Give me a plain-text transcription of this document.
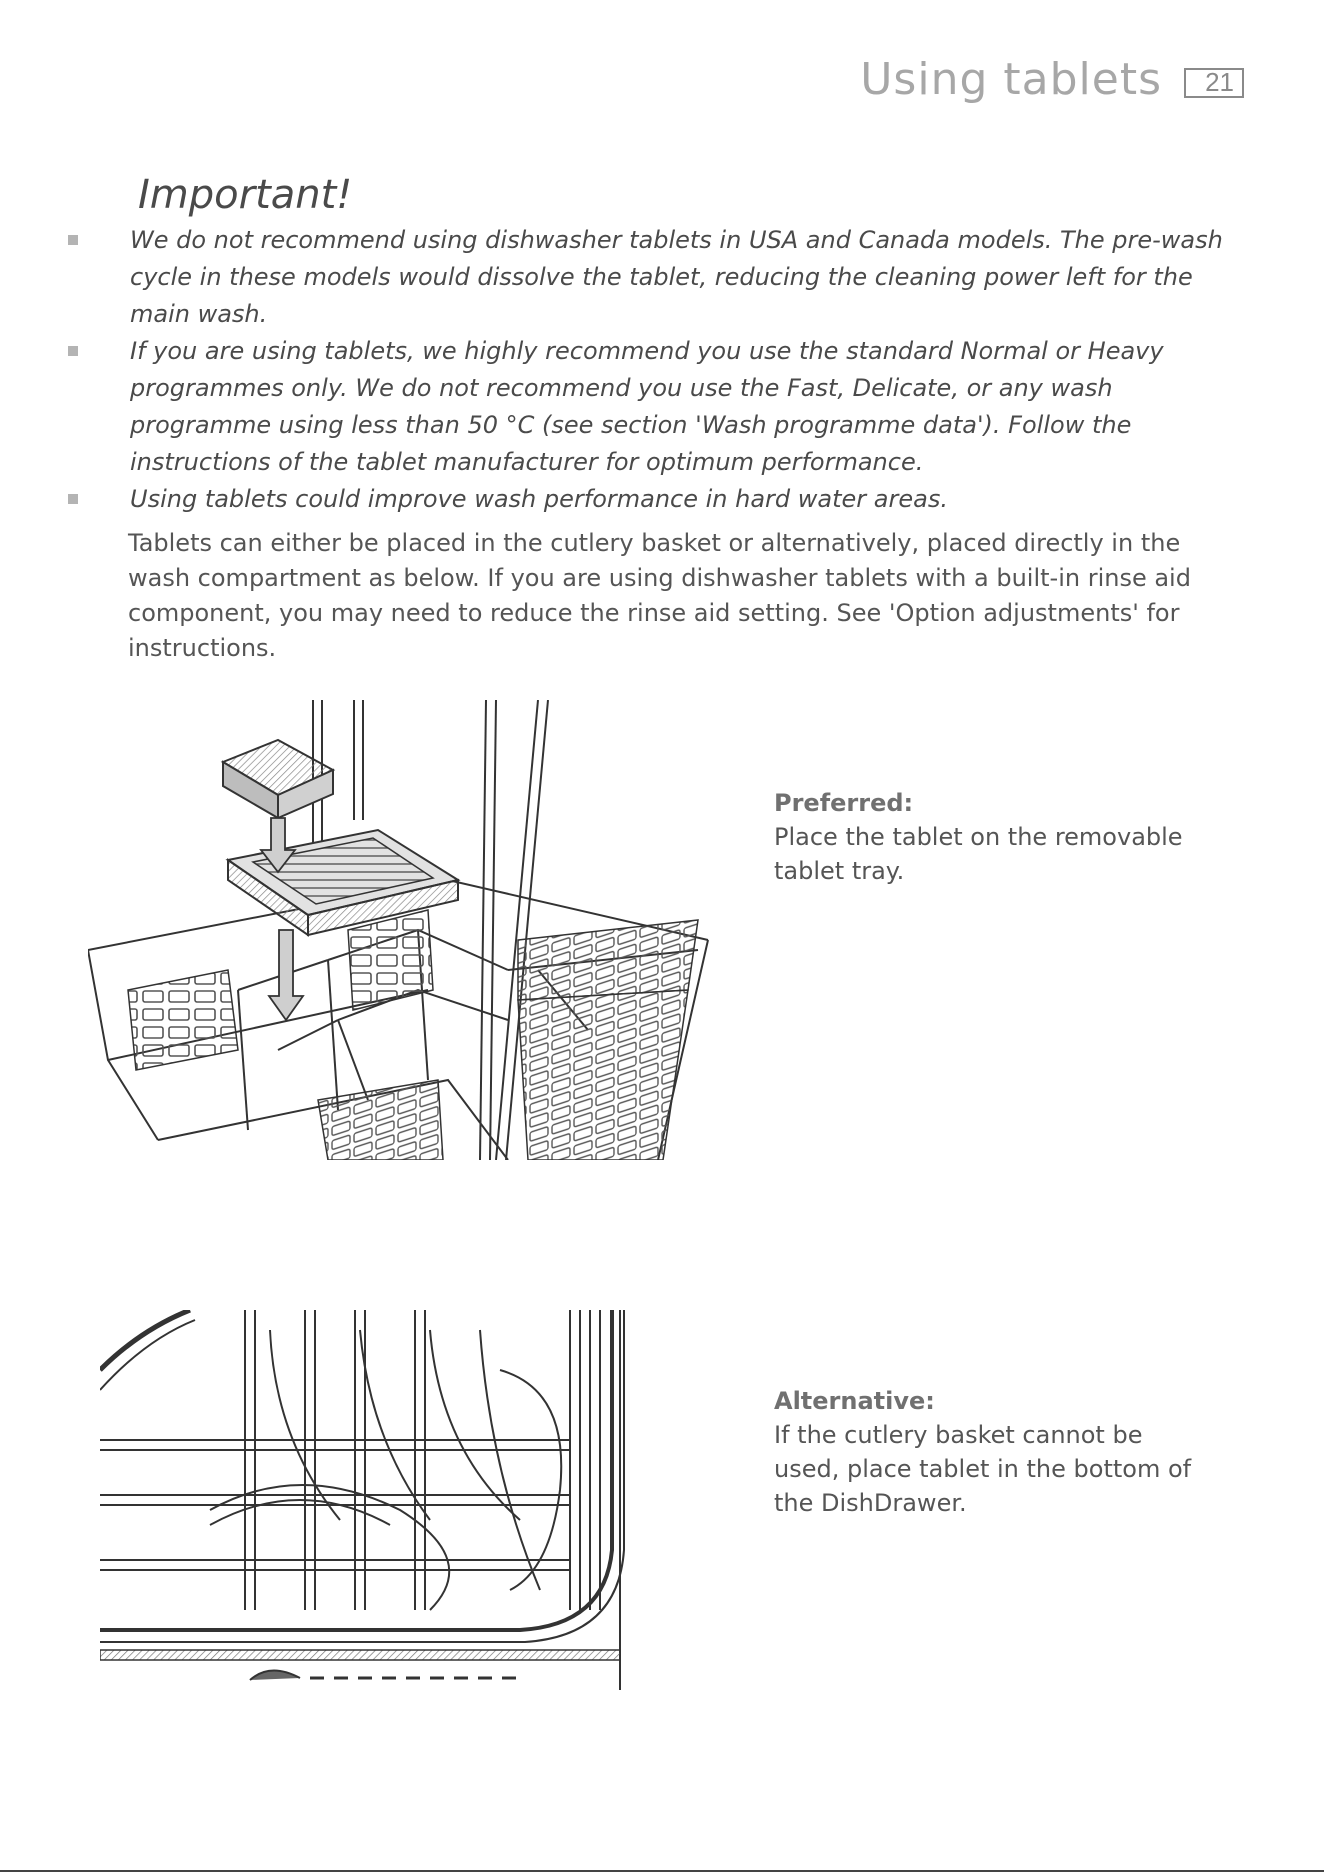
Using tablets	21
Important!
We do not recommend using dishwasher tablets in USA and Canada models. The pre-wash cycle in these models would dissolve the tablet, reducing the cleaning power left for the main wash.
If you are using tablets, we highly recommend you use the standard Normal or Heavy programmes only. We do not recommend you use the Fast, Delicate, or any wash programme using less than 50 °C (see section 'Wash programme data'). Follow the instructions of the tablet manufacturer for optimum performance.
Using tablets could improve wash performance in hard water areas.

Tablets can either be placed in the cutlery basket or alternatively, placed directly in the wash compartment as below. If you are using dishwasher tablets with a built-in rinse aid component, you may need to reduce the rinse aid setting. See 'Option adjustments' for instructions.

Preferred:

Place the tablet on the removable tablet tray.

Alternative:

If the cutlery basket cannot be used, place tablet in the bottom of the DishDrawer.
